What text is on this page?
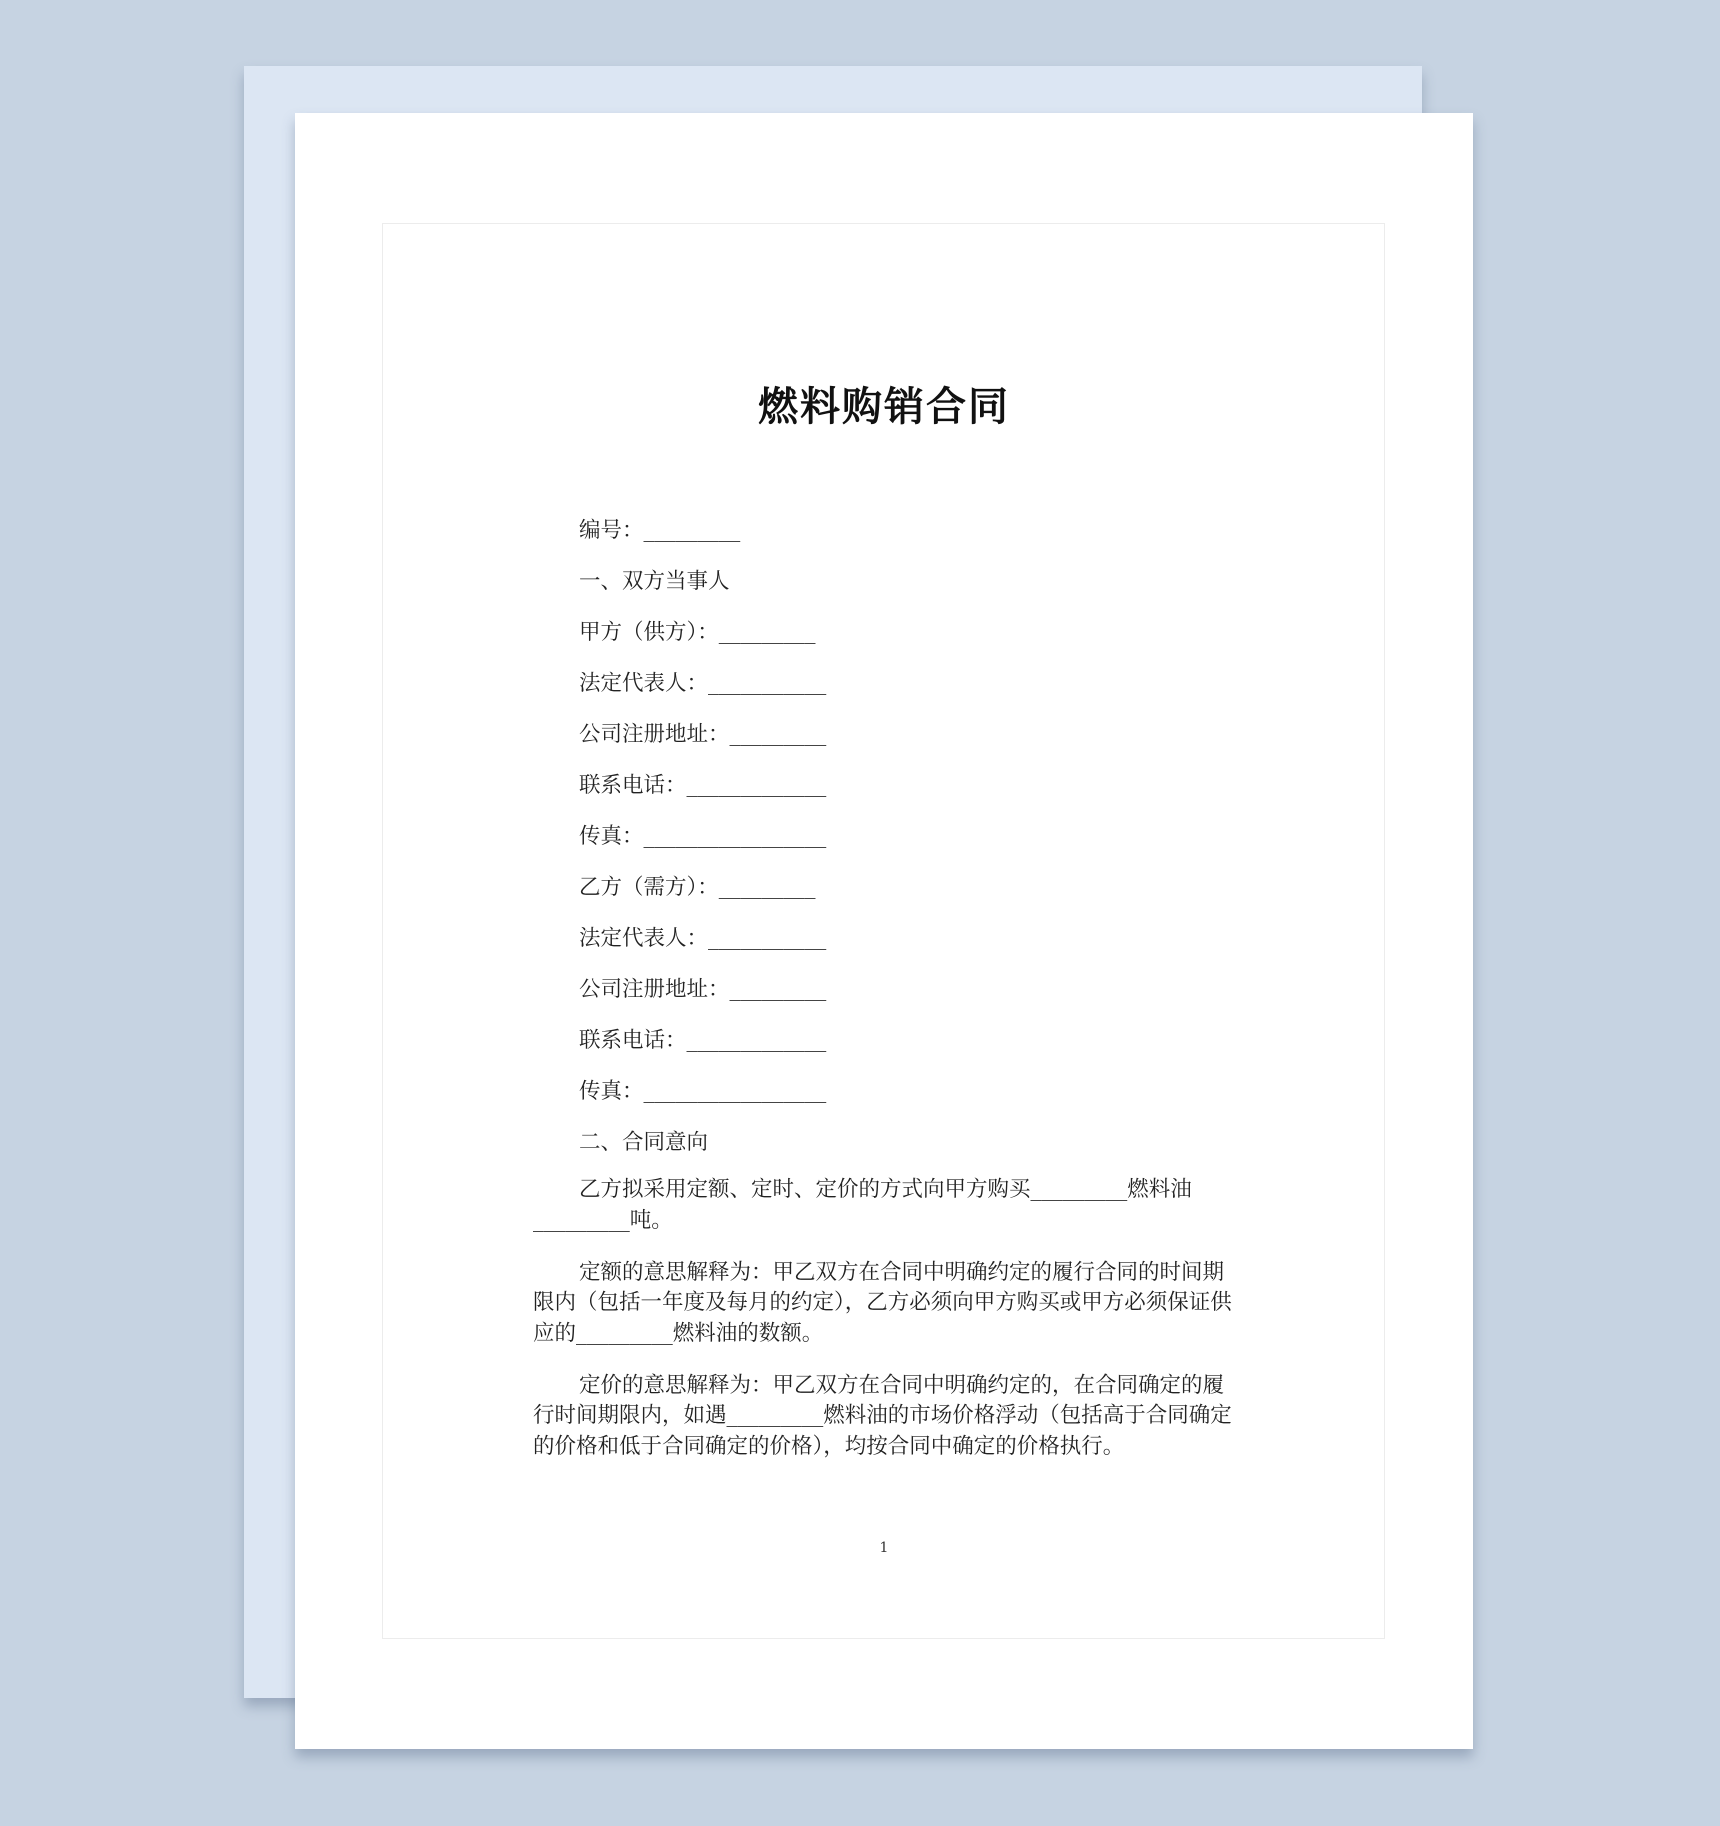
燃料购销合同
编号：_________
一、双方当事人
甲方（供方）：_________
法定代表人：___________
公司注册地址：_________
联系电话：_____________
传真：_________________
乙方（需方）：_________
法定代表人：___________
公司注册地址：_________
联系电话：_____________
传真：_________________
二、合同意向

乙方拟采用定额、定时、定价的方式向甲方购买_________燃料油_________吨。

定额的意思解释为：甲乙双方在合同中明确约定的履行合同的时间期限内（包括一年度及每月的约定），乙方必须向甲方购买或甲方必须保证供应的_________燃料油的数额。

定价的意思解释为：甲乙双方在合同中明确约定的，在合同确定的履行时间期限内，如遇_________燃料油的市场价格浮动（包括高于合同确定的价格和低于合同确定的价格），均按合同中确定的价格执行。

1
